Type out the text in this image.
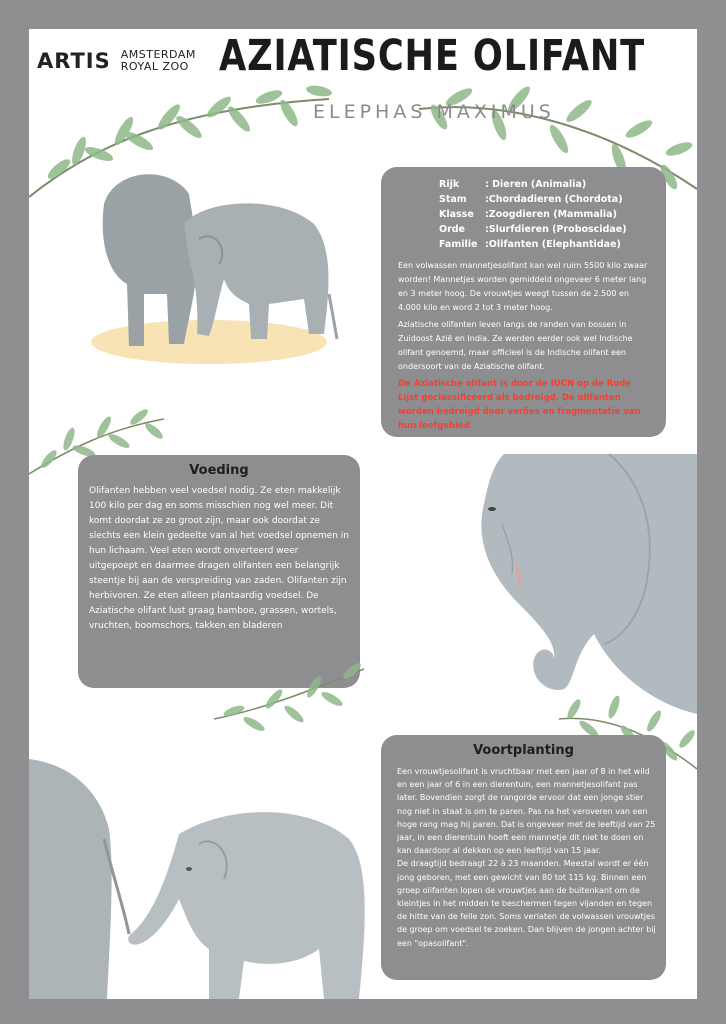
ARTIS AMSTERDAM
ROYAL ZOO AZIATISCHE OLIFANT
ELEPHAS MAXIMUS
Rijk	: Dieren (Animalia)
Stam :Chordadieren (Chordota)
Klasse :Zoogdieren (Mammalia)
Orde :Slurfdieren (Proboscidae)
Familie :Olifanten (Elephantidae)

Een volwassen mannetjesolifant kan wel ruim 5500 kilo zwaar worden! Mannetjes worden gemiddeld ongeveer 6 meter lang en 3 meter hoog. De vrouwtjes weegt tussen de 2.500 en 4.000 kilo en word 2 tot 3 meter hoog.

Aziatische olifanten leven langs de randen van bossen in Zuidoost Azië en India. Ze werden eerder ook wel Indische olifant genoemd, maar officieel is de Indische olifant een ondersoort van de Aziatische olifant.

De Aziatische olifant is door de IUCN op de Rode Lijst geclassificeerd als bedreigd. De olifanten worden bedreigd door verlies en fragmentatie van hun leefgebied

Voeding

Olifanten hebben veel voedsel nodig. Ze eten makkelijk 100 kilo per dag en soms misschien nog wel meer. Dit komt doordat ze zo groot zijn, maar ook doordat ze slechts een klein gedeelte van al het voedsel opnemen in hun lichaam. Veel eten wordt onverteerd weer uitgepoept en daarmee dragen olifanten een belangrijk steentje bij aan de verspreiding van zaden. Olifanten zijn herbivoren. Ze eten alleen plantaardig voedsel. De Aziatische olifant lust graag bamboe, grassen, wortels, vruchten, boomschors, takken en bladeren

Voortplanting

Een vrouwtjesolifant is vruchtbaar met een jaar of 8 in het wild en een jaar of 6 in een dierentuin, een mannetjesolifant pas later. Bovendien zorgt de rangorde ervoor dat een jonge stier nog niet in staat is om te paren. Pas na het veroveren van een hoge rang mag hij paren. Dat is ongeveer met de leeftijd van 25 jaar, in een dierentuin hoeft een mannetje dit niet te doen en kan daardoor al dekken op een leeftijd van 15 jaar.
De draagtijd bedraagt 22 à 23 maanden. Meestal wordt er één jong geboren, met een gewicht van 80 tot 115 kg. Binnen een groep olifanten lopen de vrouwtjes aan de buitenkant om de kleintjes in het midden te beschermen tegen vijanden en tegen de hitte van de felle zon. Soms verlaten de volwassen vrouwtjes de groep om voedsel te zoeken. Dan blijven de jongen achter bij een "opasolifant".
